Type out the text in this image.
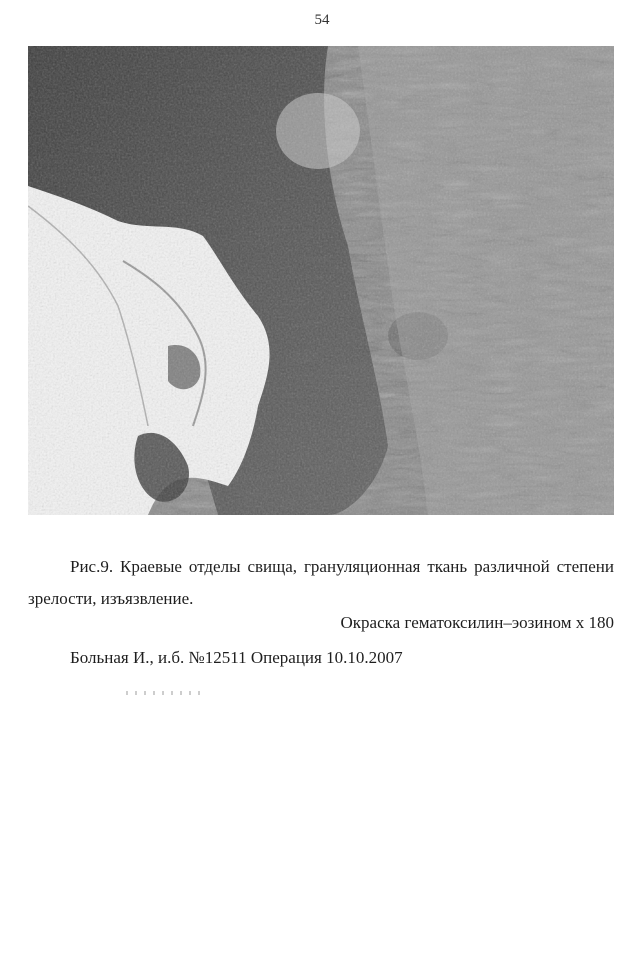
54

Рис.9. Краевые отделы свища, грануляционная ткань различной степени зрелости, изъязвление.

Окраска гематоксилин–эозином х 180

Больная И., и.б. №12511 Операция 10.10.2007
